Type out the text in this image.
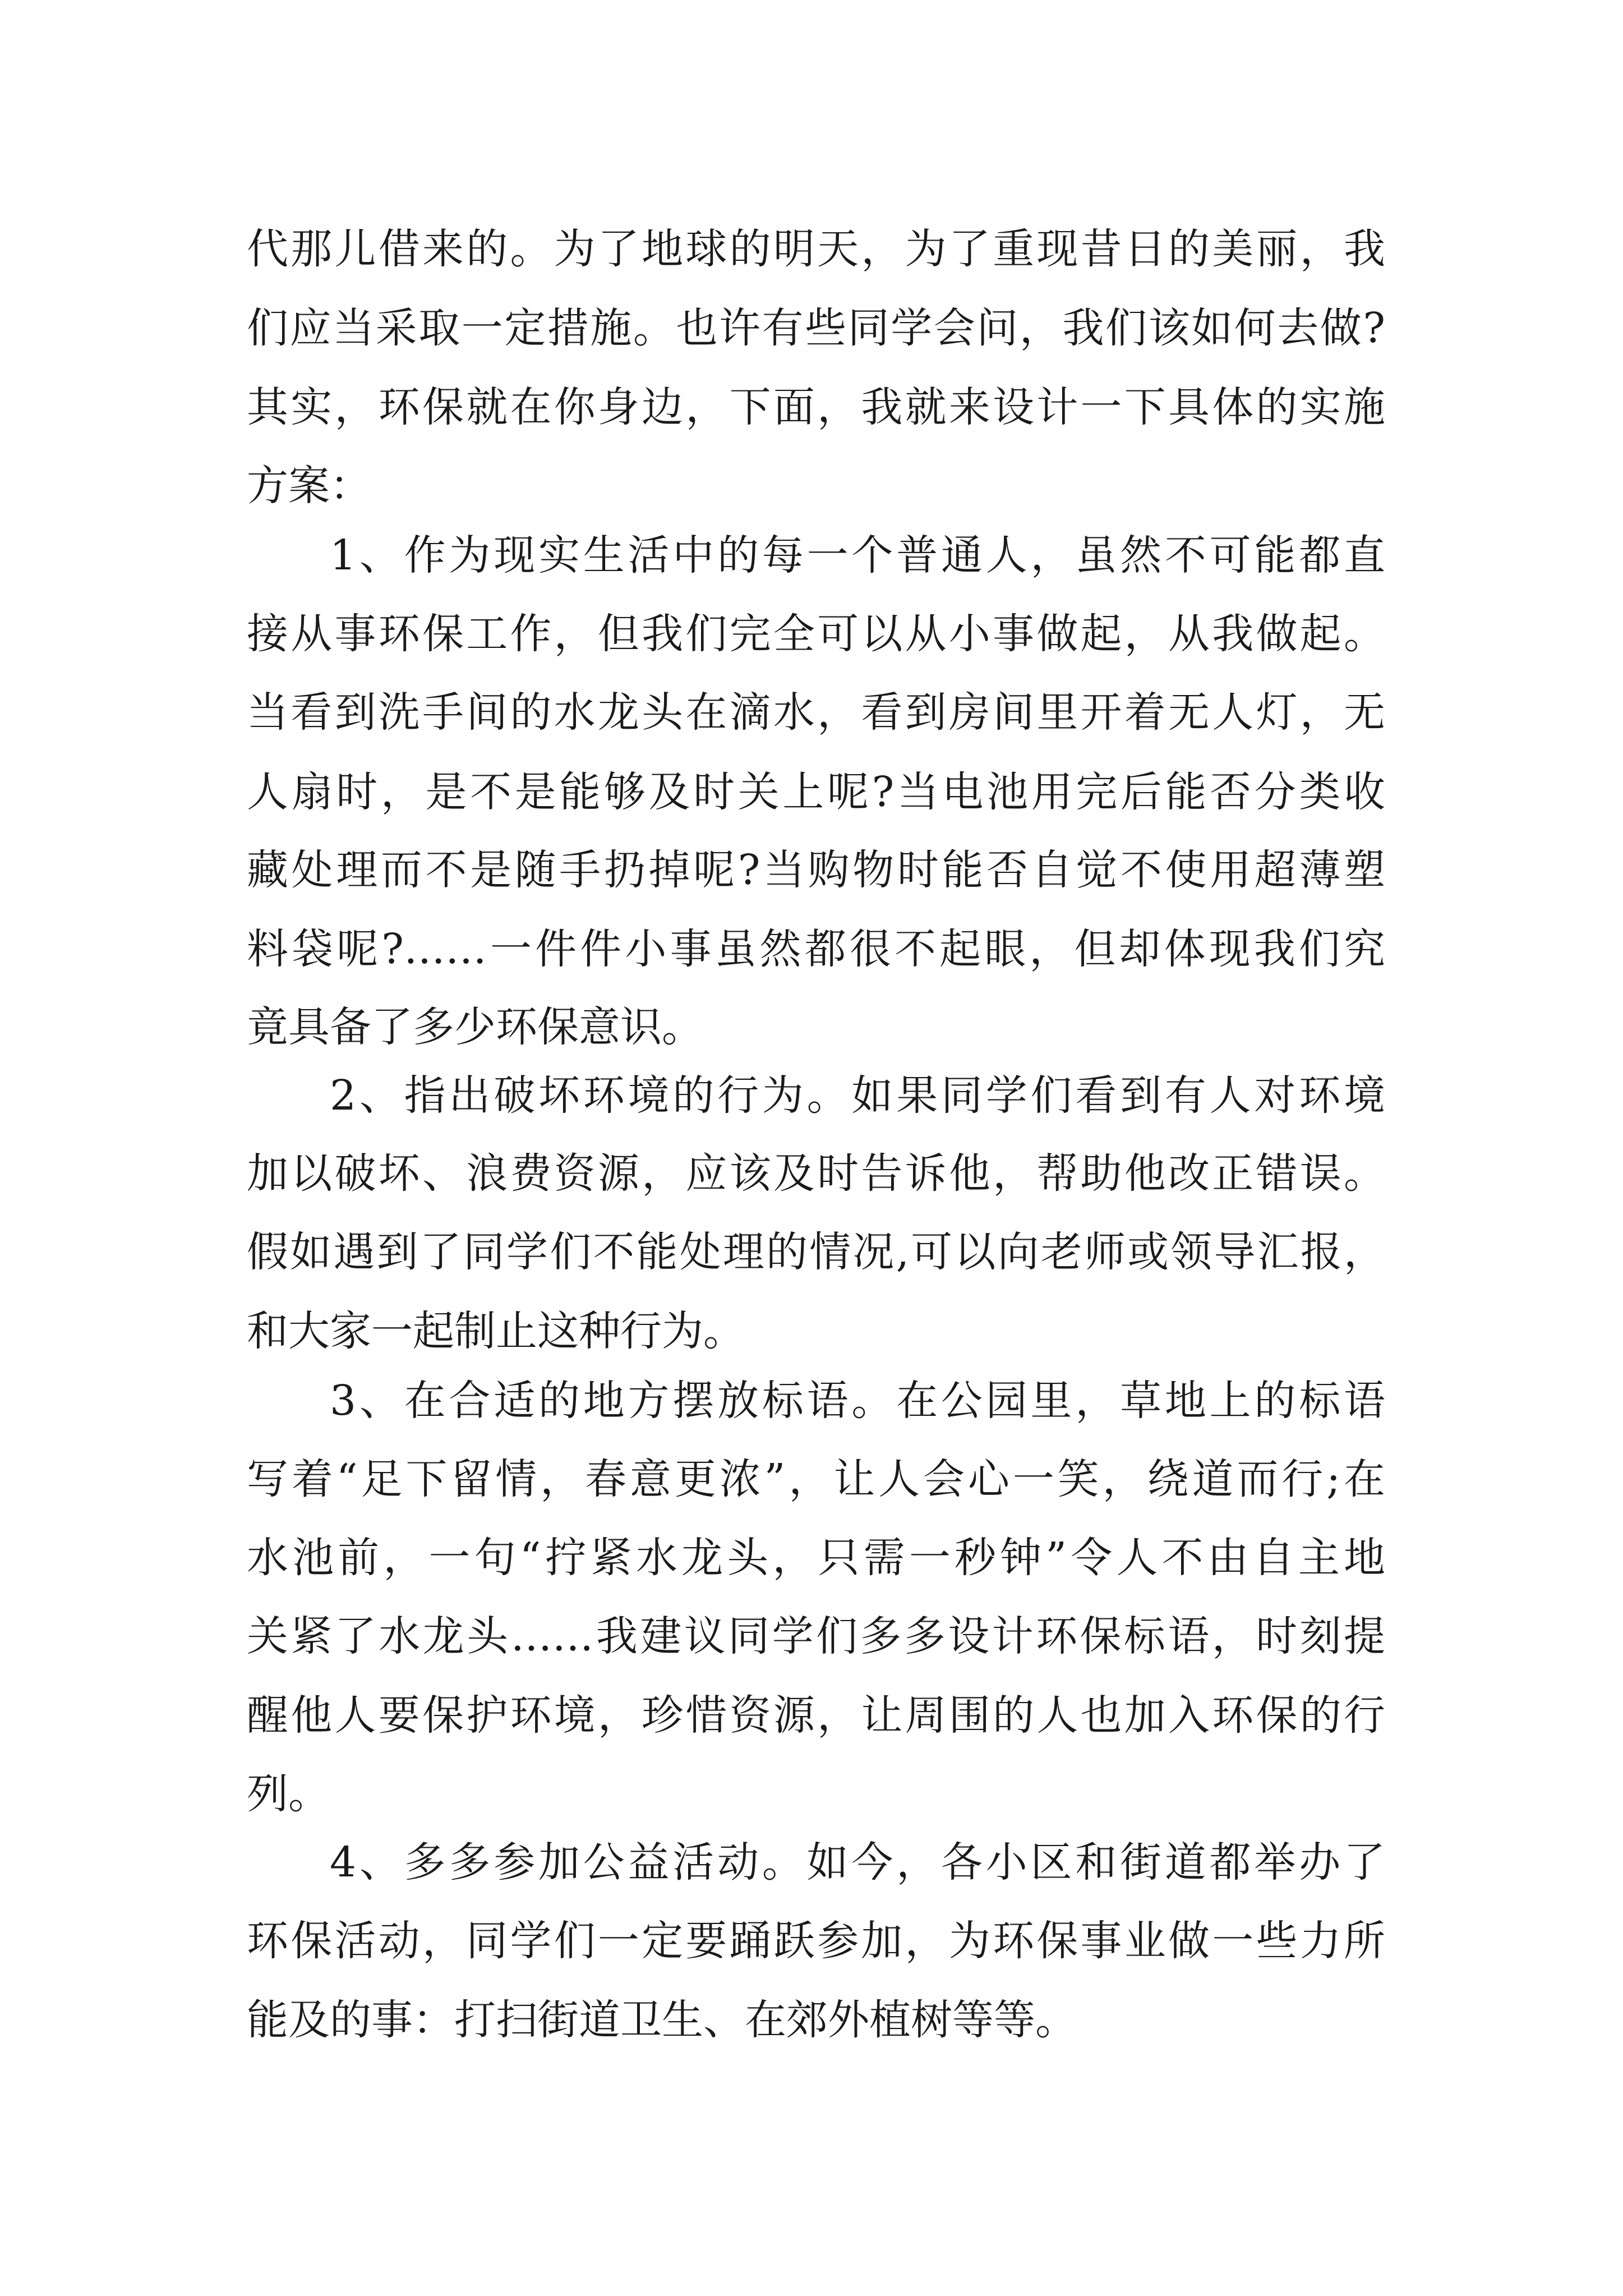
代那儿借来的。为了地球的明天，为了重现昔日的美丽，我
们应当采取一定措施。也许有些同学会问，我们该如何去做?
其实，环保就在你身边，下面，我就来设计一下具体的实施
方案：
1、作为现实生活中的每一个普通人，虽然不可能都直
接从事环保工作，但我们完全可以从小事做起，从我做起。
当看到洗手间的水龙头在滴水，看到房间里开着无人灯，无
人扇时，是不是能够及时关上呢?当电池用完后能否分类收
藏处理而不是随手扔掉呢?当购物时能否自觉不使用超薄塑
料袋呢?……一件件小事虽然都很不起眼，但却体现我们究
竟具备了多少环保意识。
2、指出破坏环境的行为。如果同学们看到有人对环境
加以破坏、浪费资源，应该及时告诉他，帮助他改正错误。
假如遇到了同学们不能处理的情况,可以向老师或领导汇报，
和大家一起制止这种行为。
3、在合适的地方摆放标语。在公园里，草地上的标语
写着“足下留情，春意更浓”，让人会心一笑，绕道而行;在
水池前，一句“拧紧水龙头，只需一秒钟”令人不由自主地
关紧了水龙头……我建议同学们多多设计环保标语，时刻提
醒他人要保护环境，珍惜资源，让周围的人也加入环保的行
列。
4、多多参加公益活动。如今，各小区和街道都举办了
环保活动，同学们一定要踊跃参加，为环保事业做一些力所
能及的事：打扫街道卫生、在郊外植树等等。
